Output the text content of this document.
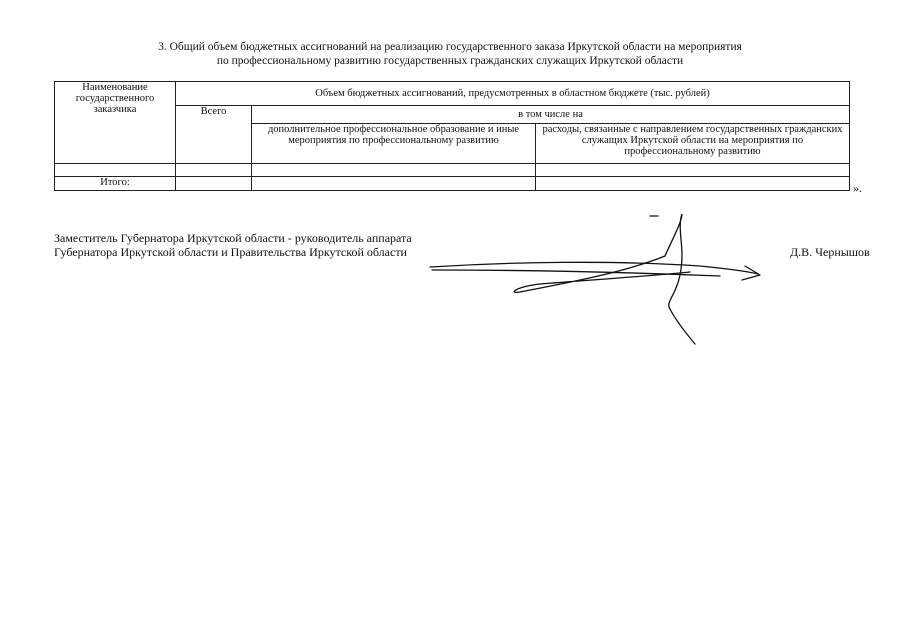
3. Общий объем бюджетных ассигнований на реализацию государственного заказа Иркутской области на мероприятия
по профессиональному развитию государственных гражданских служащих Иркутской области
Наименование государственного заказчика	Объем бюджетных ассигнований, предусмотренных в областном бюджете (тыс. рублей)		
	Всего	в том числе на	
		дополнительное профессиональное образование и иные мероприятия по профессиональному развитию	расходы, связанные с направлением государственных гражданских служащих Иркутской области на мероприятия по профессиональному развитию

Итого:				».
Заместитель Губернатора Иркутской области - руководитель аппарата
Губернатора Иркутской области и Правительства Иркутской области	Д.В. Чернышов
